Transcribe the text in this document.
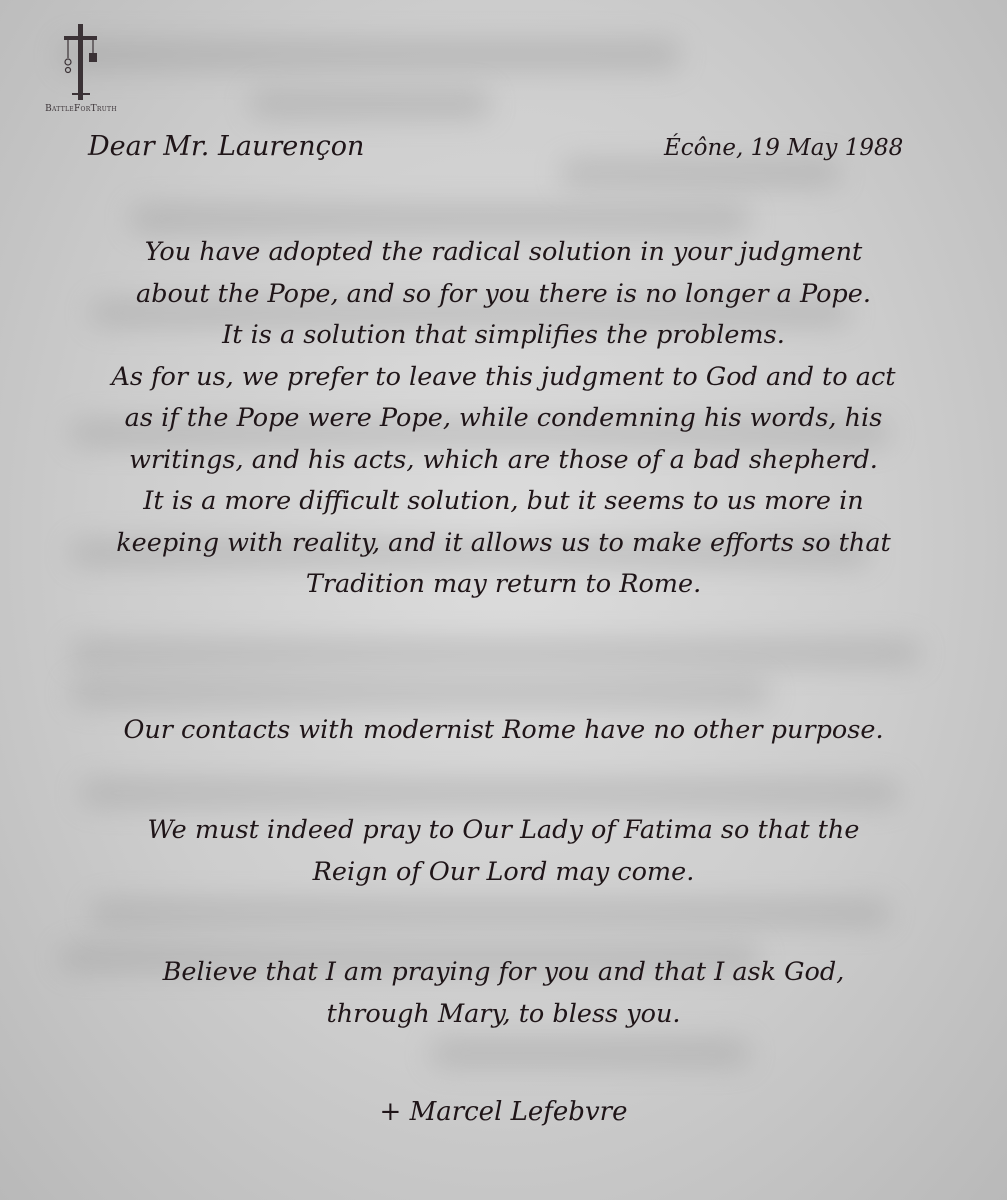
BattleForTruth
Dear Mr. Laurençon	Écône, 19 May 1988
You have adopted the radical solution in your judgment
about the Pope, and so for you there is no longer a Pope.
It is a solution that simplifies the problems.
As for us, we prefer to leave this judgment to God and to act
as if the Pope were Pope, while condemning his words, his
writings, and his acts, which are those of a bad shepherd.
It is a more difficult solution, but it seems to us more in
keeping with reality, and it allows us to make efforts so that
Tradition may return to Rome.
Our contacts with modernist Rome have no other purpose.
We must indeed pray to Our Lady of Fatima so that the
Reign of Our Lord may come.
Believe that I am praying for you and that I ask God,
through Mary, to bless you.
+ Marcel Lefebvre
